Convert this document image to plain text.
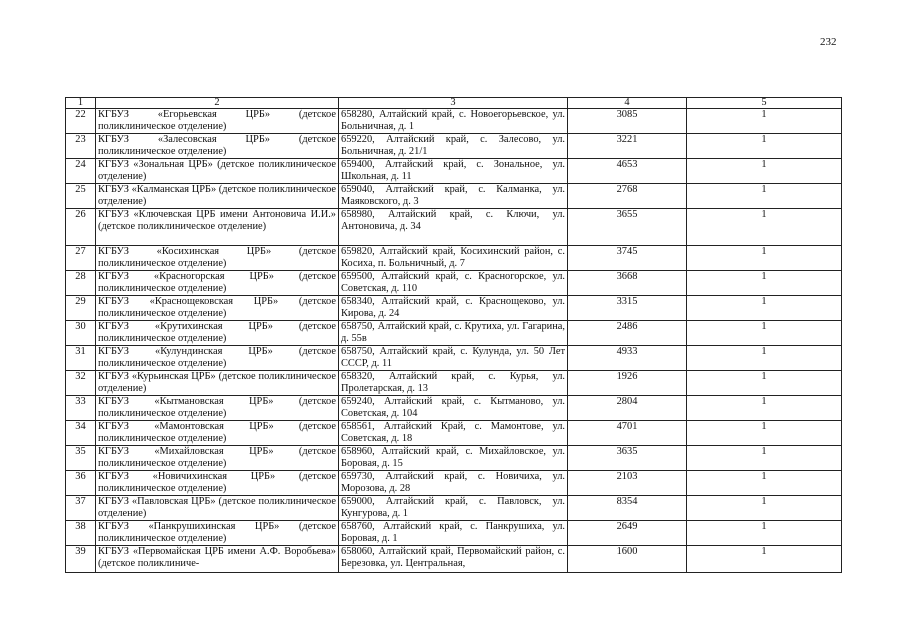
232
1	2	3	4	5
22	КГБУЗ «Егорьевская ЦРБ» (детское поликлиническое отделение)	658280, Алтайский край, с. Новоегорьевское, ул. Больничная, д. 1	3085	1
23	КГБУЗ «Залесовская ЦРБ» (детское поликлиническое отделение)	659220, Алтайский край, с. Залесово, ул. Больничная, д. 21/1	3221	1
24	КГБУЗ «Зональная ЦРБ» (детское поликлиническое отделение)	659400, Алтайский край, с. Зональное, ул. Школьная, д. 11	4653	1
25	КГБУЗ «Калманская ЦРБ» (детское поликлиническое отделение)	659040, Алтайский край, с. Калманка, ул. Маяковского, д. 3	2768	1
26	КГБУЗ «Ключевская ЦРБ имени Антоновича И.И.» (детское поликлиническое отделение)	658980, Алтайский край, с. Ключи, ул. Антоновича, д. 34	3655	1
27	КГБУЗ «Косихинская ЦРБ» (детское поликлиническое отделение)	659820, Алтайский край, Косихинский район, с. Косиха, п. Больничный, д. 7	3745	1
28	КГБУЗ «Красногорская ЦРБ» (детское поликлиническое отделение)	659500, Алтайский край, с. Красногорское, ул. Советская, д. 110	3668	1
29	КГБУЗ «Краснощековская ЦРБ» (детское поликлиническое отделение)	658340, Алтайский край, с. Краснощеково, ул. Кирова, д. 24	3315	1
30	КГБУЗ «Крутихинская ЦРБ» (детское поликлиническое отделение)	658750, Алтайский край, с. Крутиха, ул. Гагарина, д. 55в	2486	1
31	КГБУЗ «Кулундинская ЦРБ» (детское поликлиническое отделение)	658750, Алтайский край, с. Кулунда, ул. 50 Лет СССР, д. 11	4933	1
32	КГБУЗ «Курьинская ЦРБ» (детское поликлиническое отделение)	658320, Алтайский край, с. Курья, ул. Пролетарская, д. 13	1926	1
33	КГБУЗ «Кытмановская ЦРБ» (детское поликлиническое отделение)	659240, Алтайский край, с. Кытманово, ул. Советская, д. 104	2804	1
34	КГБУЗ «Мамонтовская ЦРБ» (детское поликлиническое отделение)	658561, Алтайский Край, с. Мамонтове, ул. Советская, д. 18	4701	1
35	КГБУЗ «Михайловская ЦРБ» (детское поликлиническое отделение)	658960, Алтайский край, с. Михайловское, ул. Боровая, д. 15	3635	1
36	КГБУЗ «Новичихинская ЦРБ» (детское поликлиническое отделение)	659730, Алтайский край, с. Новичиха, ул. Морозова, д. 28	2103	1
37	КГБУЗ «Павловская ЦРБ» (детское поликлиническое отделение)	659000, Алтайский край, с. Павловск, ул. Кунгурова, д. 1	8354	1
38	КГБУЗ «Панкрушихинская ЦРБ» (детское поликлиническое отделение)	658760, Алтайский край, с. Панкрушиха, ул. Боровая, д. 1	2649	1
39	КГБУЗ «Первомайская ЦРБ имени А.Ф. Воробьева» (детское поликлиниче-	658060, Алтайский край, Первомайский район, с. Березовка, ул. Центральная,	1600	1
